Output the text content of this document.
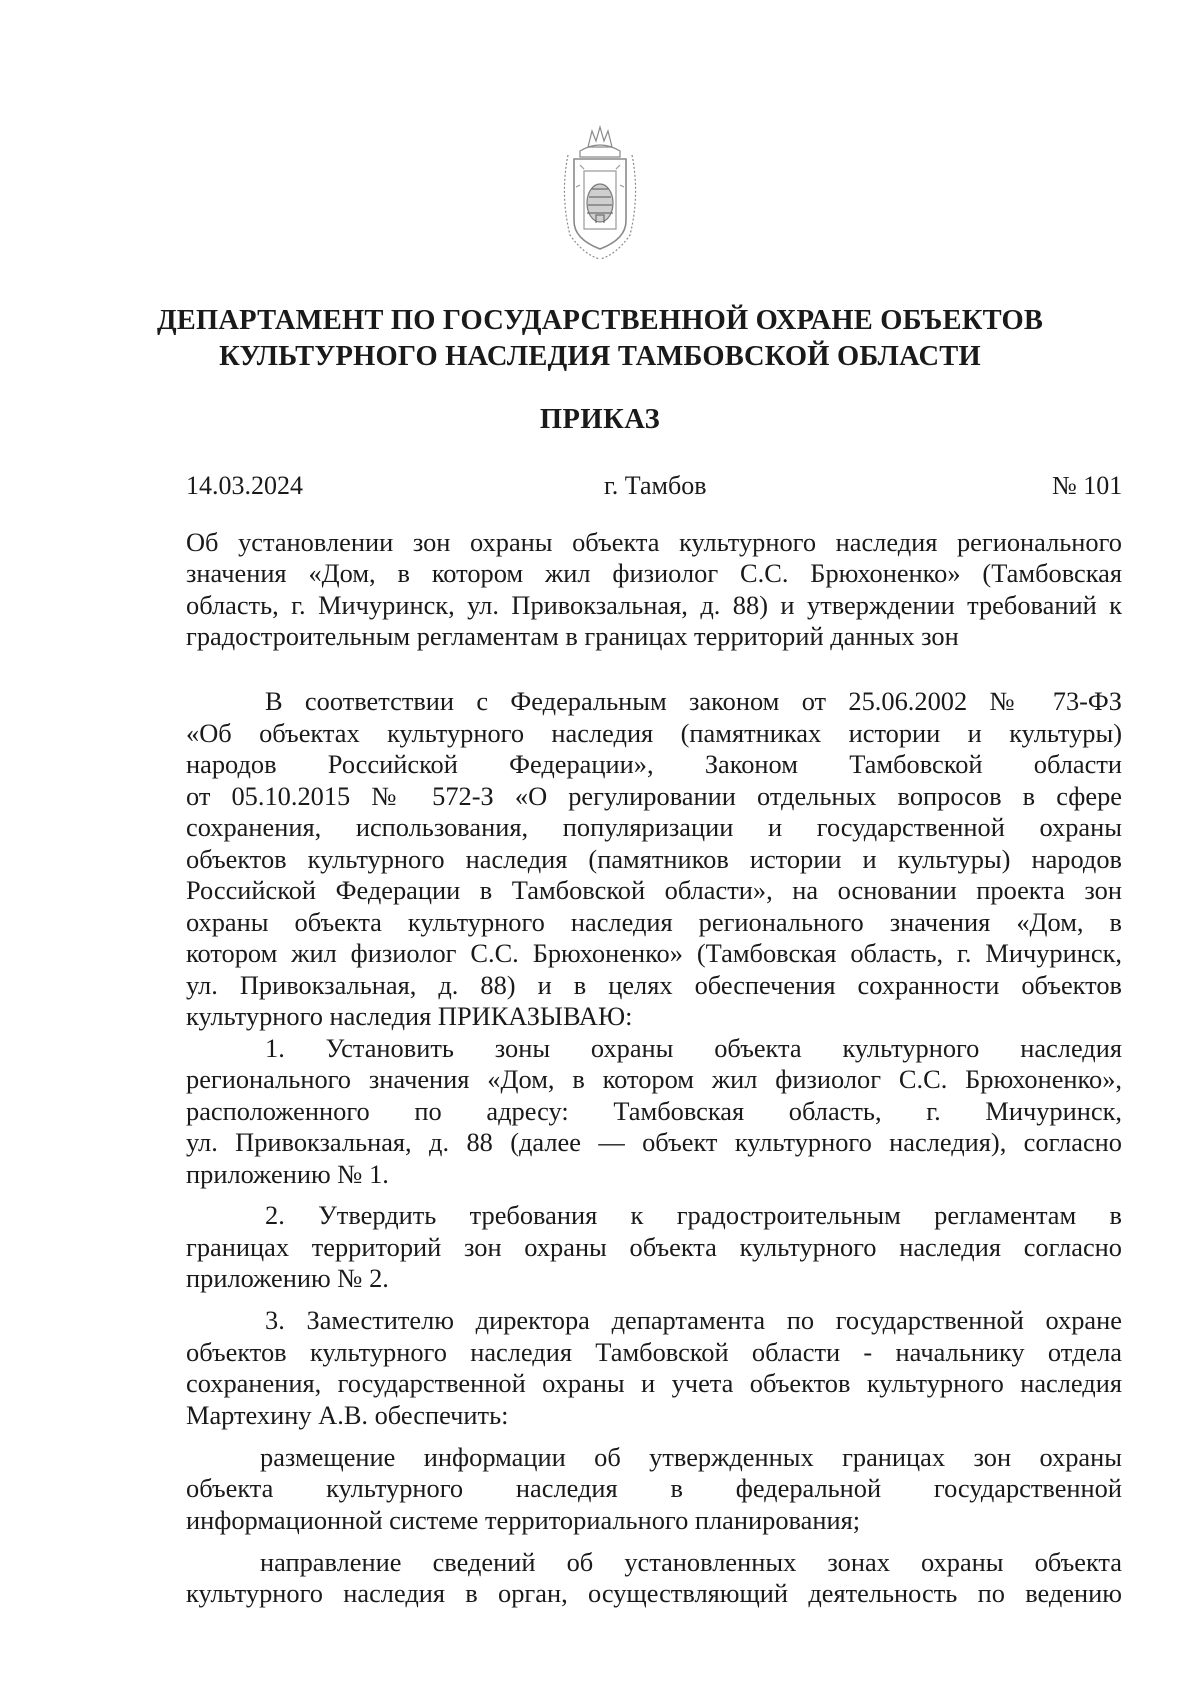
ДЕПАРТАМЕНТ ПО ГОСУДАРСТВЕННОЙ ОХРАНЕ ОБЪЕКТОВ
КУЛЬТУРНОГО НАСЛЕДИЯ ТАМБОВСКОЙ ОБЛАСТИ
ПРИКАЗ
14.03.2024	г. Тамбов	№ 101
Об установлении зон охраны объекта культурного наследия регионального
значения «Дом, в котором жил физиолог С.С. Брюхоненко» (Тамбовская
область, г. Мичуринск, ул. Привокзальная, д. 88) и утверждении требований к
градостроительным регламентам в границах территорий данных зон
В соответствии с Федеральным законом от 25.06.2002 № 73-ФЗ
«Об объектах культурного наследия (памятниках истории и культуры)
народов Российской Федерации», Законом Тамбовской области
от 05.10.2015 № 572-З «О регулировании отдельных вопросов в сфере
сохранения, использования, популяризации и государственной охраны
объектов культурного наследия (памятников истории и культуры) народов
Российской Федерации в Тамбовской области», на основании проекта зон
охраны объекта культурного наследия регионального значения «Дом, в
котором жил физиолог С.С. Брюхоненко» (Тамбовская область, г. Мичуринск,
ул. Привокзальная, д. 88) и в целях обеспечения сохранности объектов
культурного наследия ПРИКАЗЫВАЮ:
1. Установить зоны охраны объекта культурного наследия
регионального значения «Дом, в котором жил физиолог С.С. Брюхоненко»,
расположенного по адресу: Тамбовская область, г. Мичуринск,
ул. Привокзальная, д. 88 (далее — объект культурного наследия), согласно
приложению № 1.
2. Утвердить требования к градостроительным регламентам в
границах территорий зон охраны объекта культурного наследия согласно
приложению № 2.
3. Заместителю директора департамента по государственной охране
объектов культурного наследия Тамбовской области - начальнику отдела
сохранения, государственной охраны и учета объектов культурного наследия
Мартехину А.В. обеспечить:
размещение информации об утвержденных границах зон охраны
объекта культурного наследия в федеральной государственной
информационной системе территориального планирования;
направление сведений об установленных зонах охраны объекта
культурного наследия в орган, осуществляющий деятельность по ведению
